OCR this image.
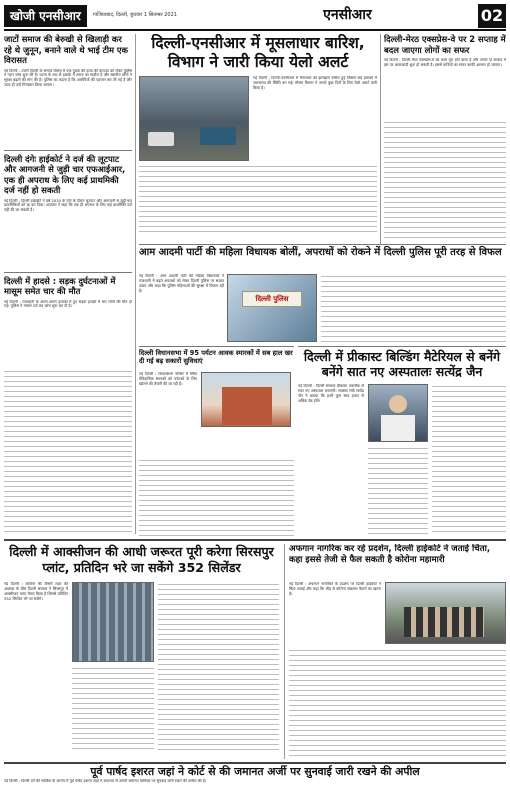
खोजी एनसीआर	गाजियाबाद, दिल्ली, बुधवार 1 सितम्बर 2021	एनसीआर	02
जाटों समाज की बेरुखी से खिलाड़ी कर रहे थे जुनून, बनाने वाले थे भाई टीम एक विरासत
नई दिल्ली : उत्तरी दिल्ली के समाज विरोध में एक युवक की हत्या की वारदात को लेकर पुलिस ने गहन जांच शुरू की है। घटना के बाद से इलाके में तनाव का माहौल है और स्थानीय लोगों ने सुरक्षा बढ़ाने की मांग की है। पुलिस का कहना है कि आरोपियों की पहचान कर ली गई है और जल्द ही उन्हें गिरफ्तार किया जाएगा।
दिल्ली दंगेः हाईकोर्ट ने दर्ज की लूटपाट और आगजनी से जुड़ी चार एफआईआर, एक ही अपराध के लिए कई प्राथमिकी दर्ज नहीं हो सकती
नई दिल्ली : दिल्ली हाईकोर्ट ने वर्ष 2020 के दंगों के दौरान लूटपाट और आगजनी से जुड़ी चार प्राथमिकियों को रद्द कर दिया। अदालत ने कहा कि एक ही अपराध के लिए कई प्राथमिकी दर्ज नहीं की जा सकती हैं।
दिल्ली में हादसे : सड़क दुर्घटनाओं में मासूम समेत चार की मौत
नई दिल्ली : राजधानी के अलग-अलग इलाकों में हुए सड़क हादसों में चार लोगों की मौत हो गई। पुलिस ने मामले दर्ज कर जांच शुरू कर दी है।
दिल्ली-एनसीआर में मूसलाधार बारिश, विभाग ने जारी किया येलो अलर्ट
नई दिल्ली : दिल्ली-एनसीआर में मंगलवार को झमाझम बारिश हुई जिससे कई इलाकों में जलभराव की स्थिति बन गई। मौसम विभाग ने अगले कुछ दिनों के लिए येलो अलर्ट जारी किया है।
दिल्ली-मेरठ एक्सप्रेस-वे पर 2 सप्ताह में बदल जाएगा लोगों का सफर
नई दिल्ली : दिल्ली-मेरठ एक्सप्रेस-वे का काम पूरा होने वाला है और अगले दो सप्ताह में इस पर आवाजाही शुरू हो सकती है। इससे यात्रियों का सफर काफी आसान हो जाएगा।
आम आदमी पार्टी की महिला विधायक बोलीं, अपराधों को रोकने में दिल्ली पुलिस पूरी तरह से विफल
नई दिल्ली : आम आदमी पार्टी की महिला विधायकों ने राजधानी में बढ़ते अपराधों को लेकर दिल्ली पुलिस पर सवाल उठाए और कहा कि पुलिस महिलाओं की सुरक्षा में विफल रही है।
दिल्ली पुलिस
दिल्ली विधानसभा में 95 पर्यटन आवक स्मारकों में सब हाल खर दी गई बढ़ सकारों सुविधाएं
नई दिल्ली : विधानसभा परिसर में स्थित ऐतिहासिक स्मारकों को पर्यटकों के लिए खोलने की तैयारी की जा रही है।
दिल्ली में प्रीकास्ट बिल्डिंग मैटेरियल से बनेंगे बनेंगे सात नए अस्पतालः सत्येंद्र जैन
नई दिल्ली : दिल्ली सरकार प्रीकास्ट तकनीक से सात नए अस्पताल बनाएगी। स्वास्थ्य मंत्री सत्येंद्र जैन ने बताया कि इनमें कुल सात हजार से अधिक बेड होंगे।
दिल्ली में आक्सीजन की आधी जरूरत पूरी करेगा सिरसपुर प्लांट, प्रतिदिन भरे जा सकेंगे 352 सिलेंडर
नई दिल्ली : कोरोना की तीसरी लहर की आशंका के बीच दिल्ली सरकार ने सिरसपुर में आक्सीजन प्लांट तैयार किया है जिससे प्रतिदिन 352 सिलेंडर भरे जा सकेंगे।
अफगान नागरिक कर रहे प्रदर्शन, दिल्ली हाईकोर्ट ने जताई चिंता, कहा इससे तेजी से फैल सकती है कोरोना महामारी
नई दिल्ली : अफगान नागरिकों के प्रदर्शन पर दिल्ली हाईकोर्ट ने चिंता जताई और कहा कि भीड़ से कोरोना संक्रमण फैलने का खतरा है।
पूर्व पार्षद इशरत जहां ने कोर्ट से की जमानत अर्जी पर सुनवाई जारी रखने की अपील
नई दिल्ली : दिल्ली दंगे की साजिश के आरोप में पूर्व पार्षद इशरत जहां ने अदालत से अपनी जमानत याचिका पर सुनवाई जारी रखने की अपील की है।
